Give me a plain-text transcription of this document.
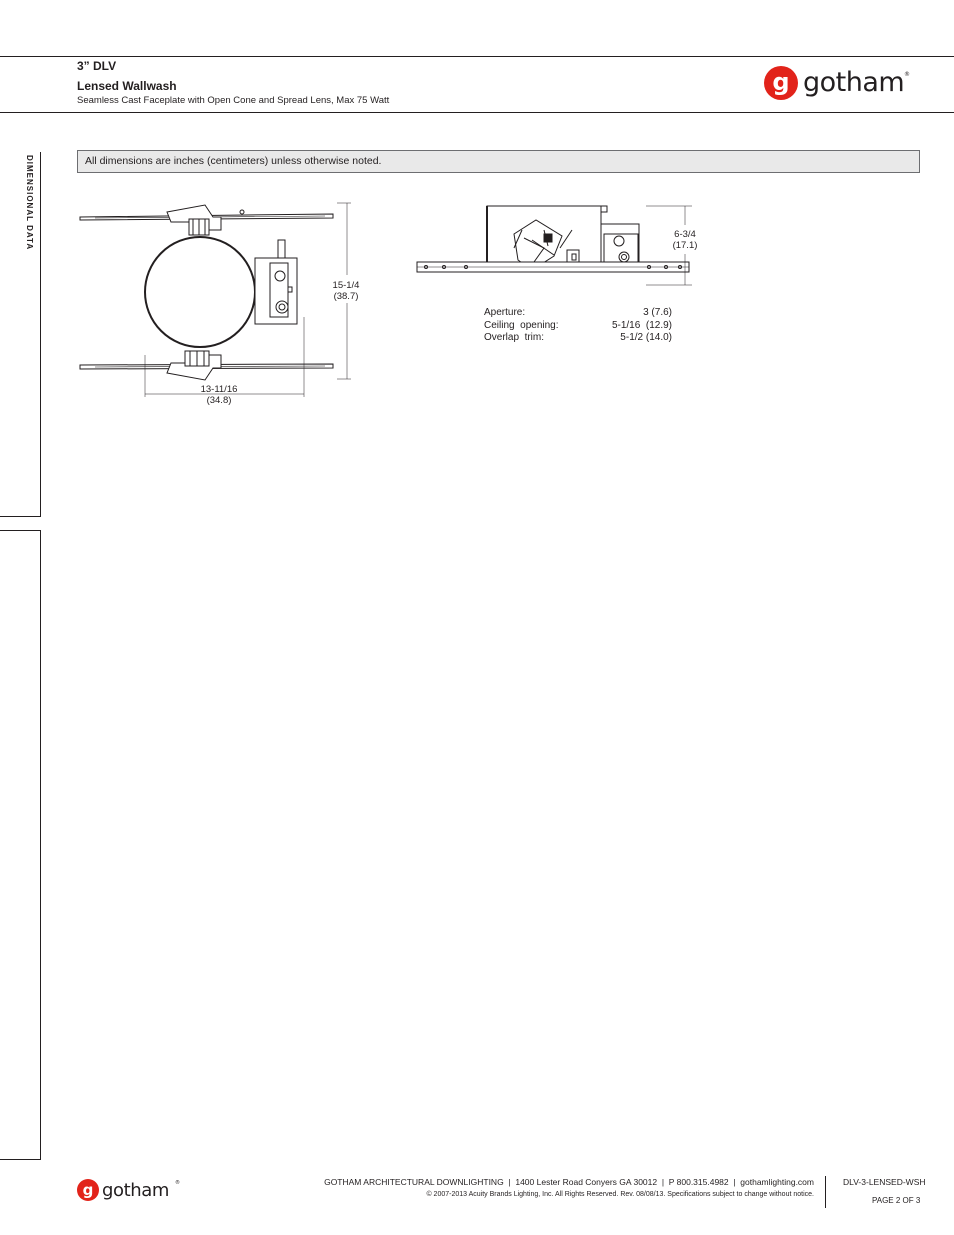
3” DLV
Lensed Wallwash
Seamless Cast Faceplate with Open Cone and Spread Lens, Max 75 Watt
g gotham ®
DIMENSIONAL DATA	All dimensions are inches (centimeters) unless otherwise noted.
15-1/4
(38.7)
13-11/16
(34.8)
6-3/4
(17.1)
Aperture:	3 (7.6)
Ceiling  opening:	5-1/16  (12.9)
Overlap  trim:	5-1/2 (14.0)
g gotham ®	GOTHAM ARCHITECTURAL DOWNLIGHTING  |  1400 Lester Road Conyers GA 30012  |  P 800.315.4982  |  gothamlighting.com
© 2007-2013 Acuity Brands Lighting, Inc. All Rights Reserved. Rev. 08/08/13. Specifications subject to change without notice.
DLV-3-LENSED-WSH
PAGE 2 OF 3
